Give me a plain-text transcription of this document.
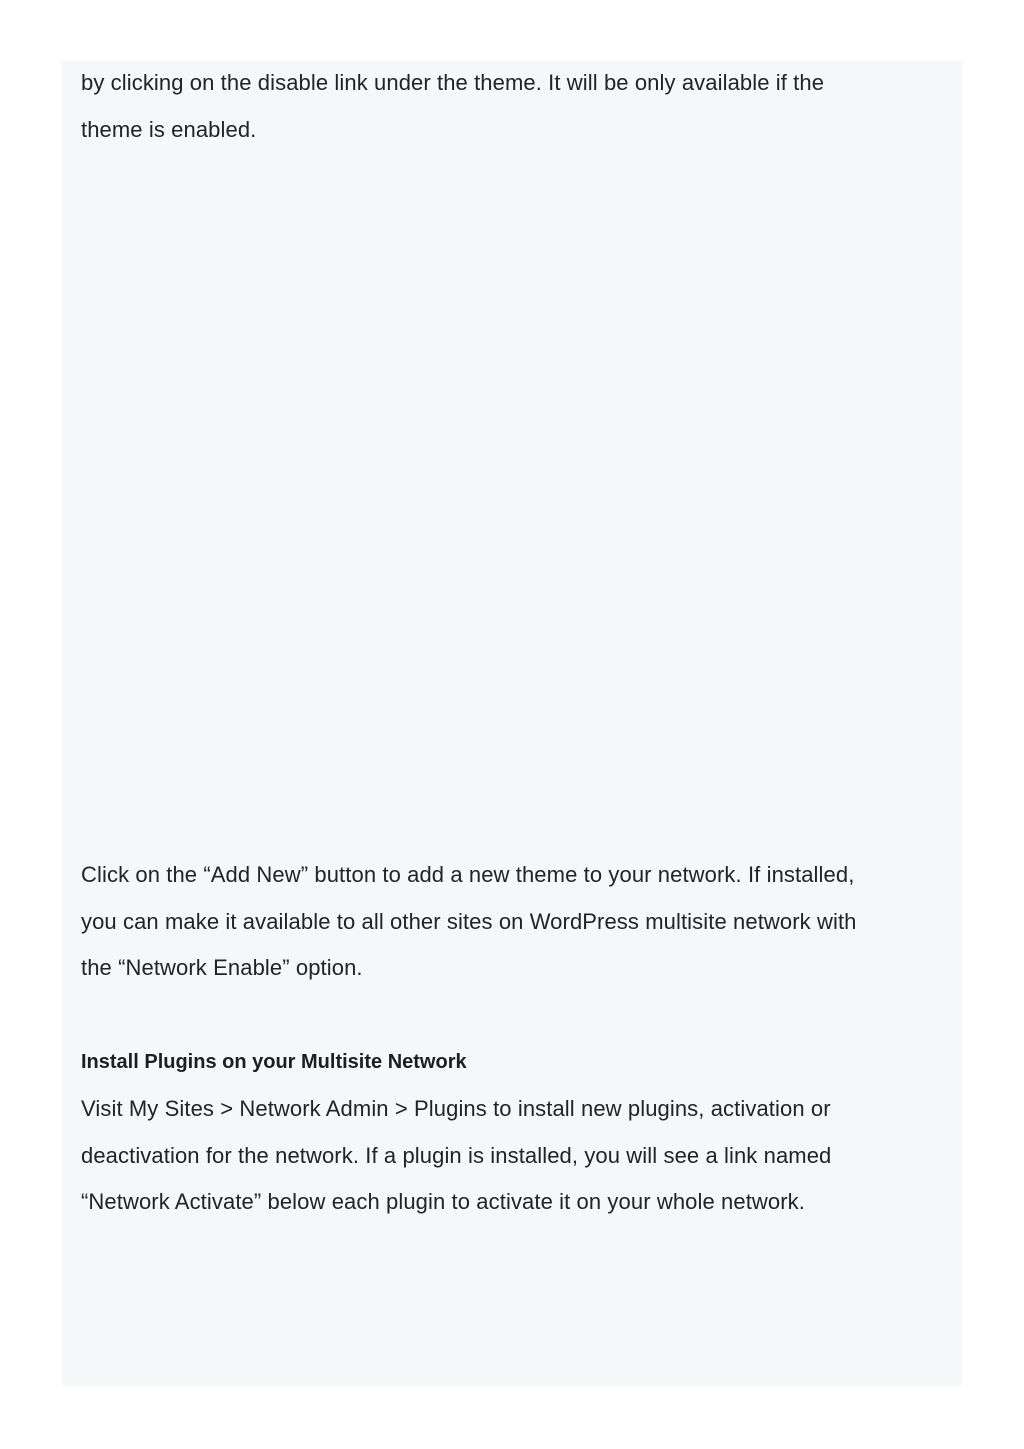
by clicking on the disable link under the theme. It will be only available if the
theme is enabled.

Click on the “Add New” button to add a new theme to your network. If installed,
you can make it available to all other sites on WordPress multisite network with
the “Network Enable” option.

Install Plugins on your Multisite Network

Visit My Sites > Network Admin > Plugins to install new plugins, activation or
deactivation for the network. If a plugin is installed, you will see a link named
“Network Activate” below each plugin to activate it on your whole network.
